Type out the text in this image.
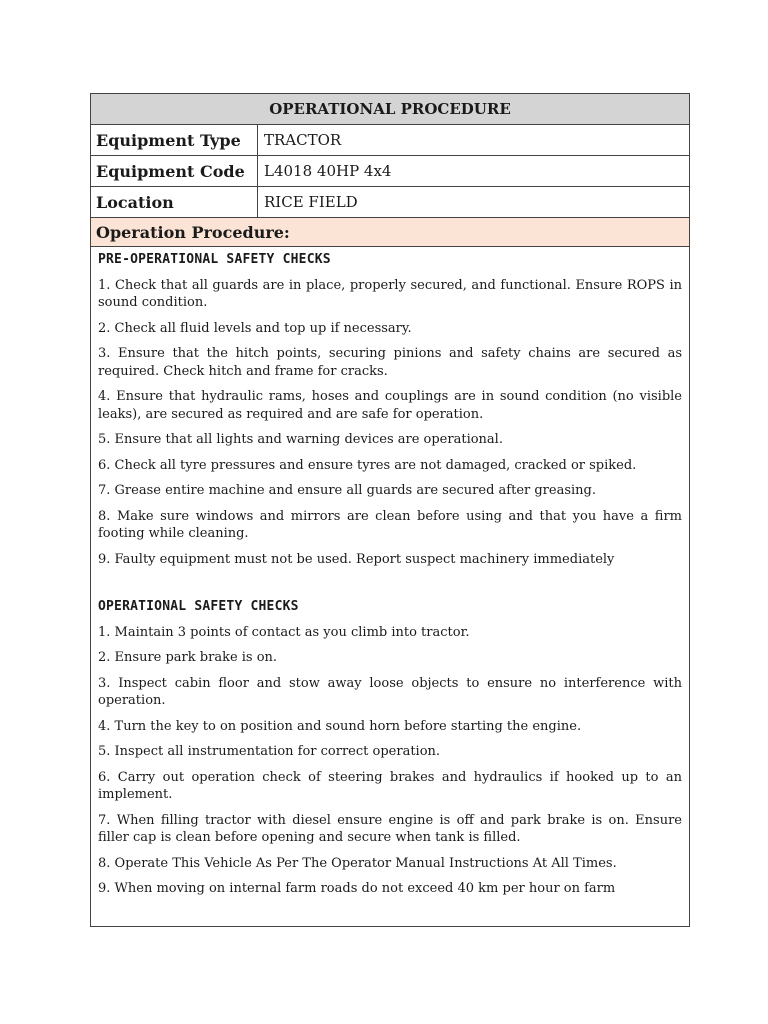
OPERATIONAL PROCEDURE
Equipment Type	TRACTOR
Equipment Code	L4018 40HP 4x4
Location	RICE FIELD
Operation Procedure:
PRE-OPERATIONAL SAFETY CHECKS

1. Check that all guards are in place, properly secured, and functional. Ensure ROPS in sound condition.

2. Check all fluid levels and top up if necessary.

3. Ensure that the hitch points, securing pinions and safety chains are secured as required. Check hitch and frame for cracks.

4. Ensure that hydraulic rams, hoses and couplings are in sound condition (no visible leaks), are secured as required and are safe for operation.

5. Ensure that all lights and warning devices are operational.

6. Check all tyre pressures and ensure tyres are not damaged, cracked or spiked.

7. Grease entire machine and ensure all guards are secured after greasing.

8. Make sure windows and mirrors are clean before using and that you have a firm footing while cleaning.

9. Faulty equipment must not be used. Report suspect machinery immediately

OPERATIONAL SAFETY CHECKS

1. Maintain 3 points of contact as you climb into tractor.

2. Ensure park brake is on.

3. Inspect cabin floor and stow away loose objects to ensure no interference with operation.

4. Turn the key to on position and sound horn before starting the engine.

5. Inspect all instrumentation for correct operation.

6. Carry out operation check of steering brakes and hydraulics if hooked up to an implement.

7. When filling tractor with diesel ensure engine is off and park brake is on. Ensure filler cap is clean before opening and secure when tank is filled.

8. Operate This Vehicle As Per The Operator Manual Instructions At All Times.

9. When moving on internal farm roads do not exceed 40 km per hour on farm
